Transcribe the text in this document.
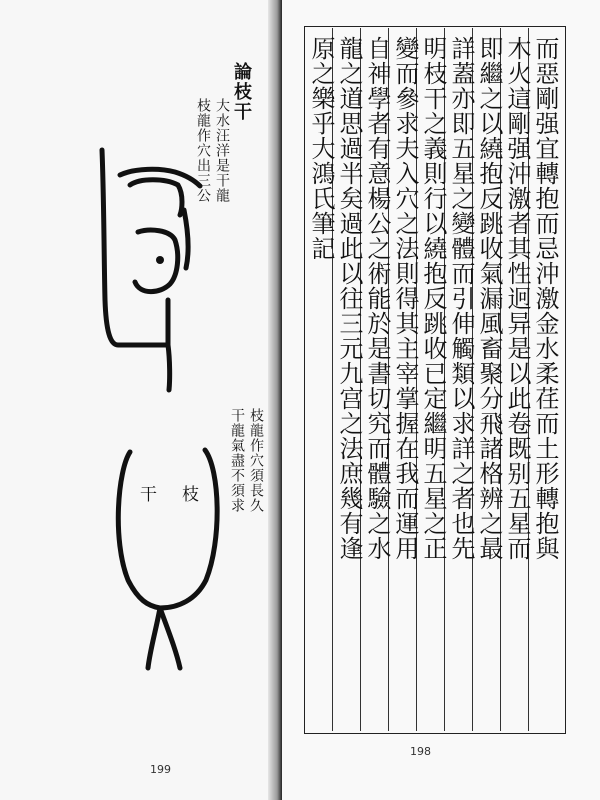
論枝干
大水汪洋是干龍
枝龍作穴出三公
枝龍作穴須長久
干龍氣盡不須求
干 枝
199
而惡剛强宜轉抱而忌沖激金水柔荏而土形轉抱與
木火這剛强沖激者其性迥异是以此卷既别五星而
即繼之以繞抱反跳收氣漏風畜聚分飛諸格辨之最
詳蓋亦即五星之變體而引伸觸類以求詳之者也先
明枝干之義則行以繞抱反跳收已定繼明五星之正
變而參求夫入穴之法則得其主宰掌握在我而運用
自神學者有意楊公之術能於是書切究而體驗之水
龍之道思過半矣過此以往三元九宫之法庶幾有逢
原之樂乎大鴻氏筆記
198
